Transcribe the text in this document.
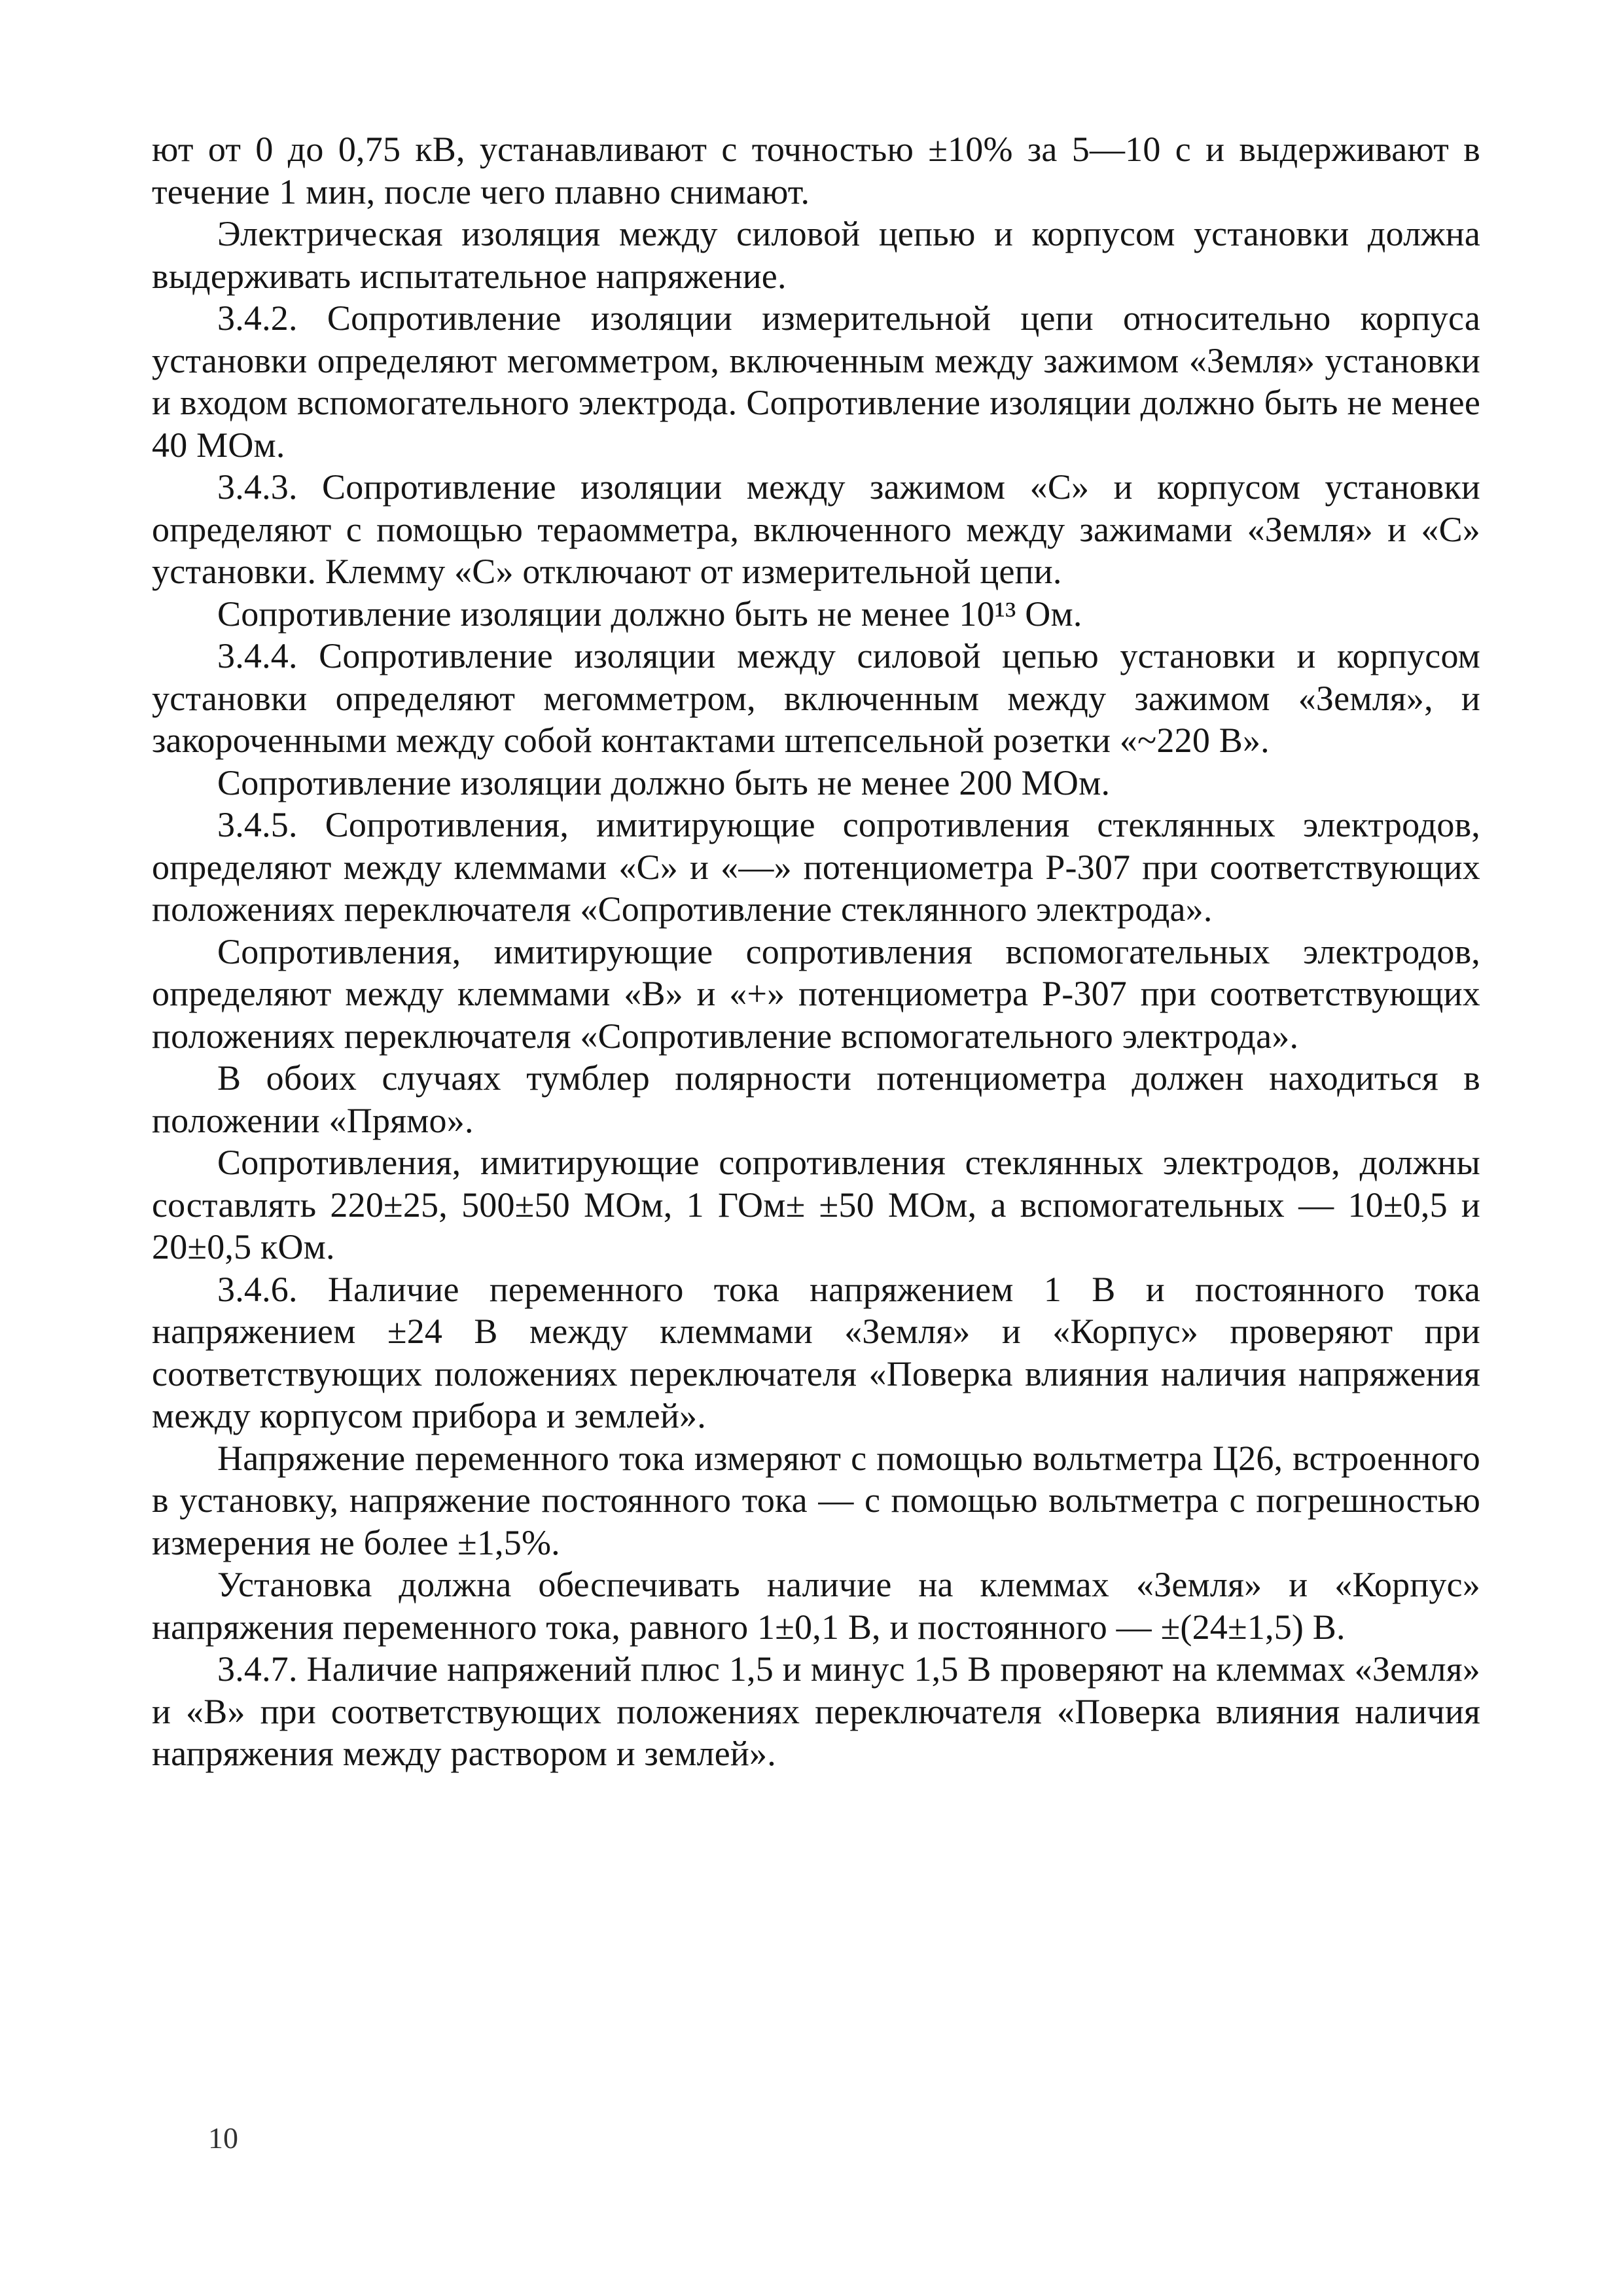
ют от 0 до 0,75 кВ, устанавливают с точностью ±10% за 5—10 с и выдерживают в течение 1 мин, после чего плавно снимают.

Электрическая изоляция между силовой цепью и корпусом установки должна выдерживать испытательное напряжение.

3.4.2. Сопротивление изоляции измерительной цепи относительно корпуса установки определяют мегомметром, включенным между зажимом «Земля» установки и входом вспомогательного электрода. Сопротивление изоляции должно быть не менее 40 МОм.

3.4.3. Сопротивление изоляции между зажимом «С» и корпусом установки определяют с помощью тераомметра, включенного между зажимами «Земля» и «С» установки. Клемму «С» отключают от измерительной цепи.

Сопротивление изоляции должно быть не менее 10¹³ Ом.

3.4.4. Сопротивление изоляции между силовой цепью установки и корпусом установки определяют мегомметром, включенным между зажимом «Земля», и закороченными между собой контактами штепсельной розетки «~220 В».

Сопротивление изоляции должно быть не менее 200 МОм.

3.4.5. Сопротивления, имитирующие сопротивления стеклянных электродов, определяют между клеммами «С» и «—» потенциометра Р-307 при соответствующих положениях переключателя «Сопротивление стеклянного электрода».

Сопротивления, имитирующие сопротивления вспомогательных электродов, определяют между клеммами «В» и «+» потенциометра Р-307 при соответствующих положениях переключателя «Сопротивление вспомогательного электрода».

В обоих случаях тумблер полярности потенциометра должен находиться в положении «Прямо».

Сопротивления, имитирующие сопротивления стеклянных электродов, должны составлять 220±25, 500±50 МОм, 1 ГОм± ±50 МОм, а вспомогательных — 10±0,5 и 20±0,5 кОм.

3.4.6. Наличие переменного тока напряжением 1 В и постоянного тока напряжением ±24 В между клеммами «Земля» и «Корпус» проверяют при соответствующих положениях переключателя «Поверка влияния наличия напряжения между корпусом прибора и землей».

Напряжение переменного тока измеряют с помощью вольтметра Ц26, встроенного в установку, напряжение постоянного тока — с помощью вольтметра с погрешностью измерения не более ±1,5%.

Установка должна обеспечивать наличие на клеммах «Земля» и «Корпус» напряжения переменного тока, равного 1±0,1 В, и постоянного — ±(24±1,5) В.

3.4.7. Наличие напряжений плюс 1,5 и минус 1,5 В проверяют на клеммах «Земля» и «В» при соответствующих положениях переключателя «Поверка влияния наличия напряжения между раствором и землей».

10
